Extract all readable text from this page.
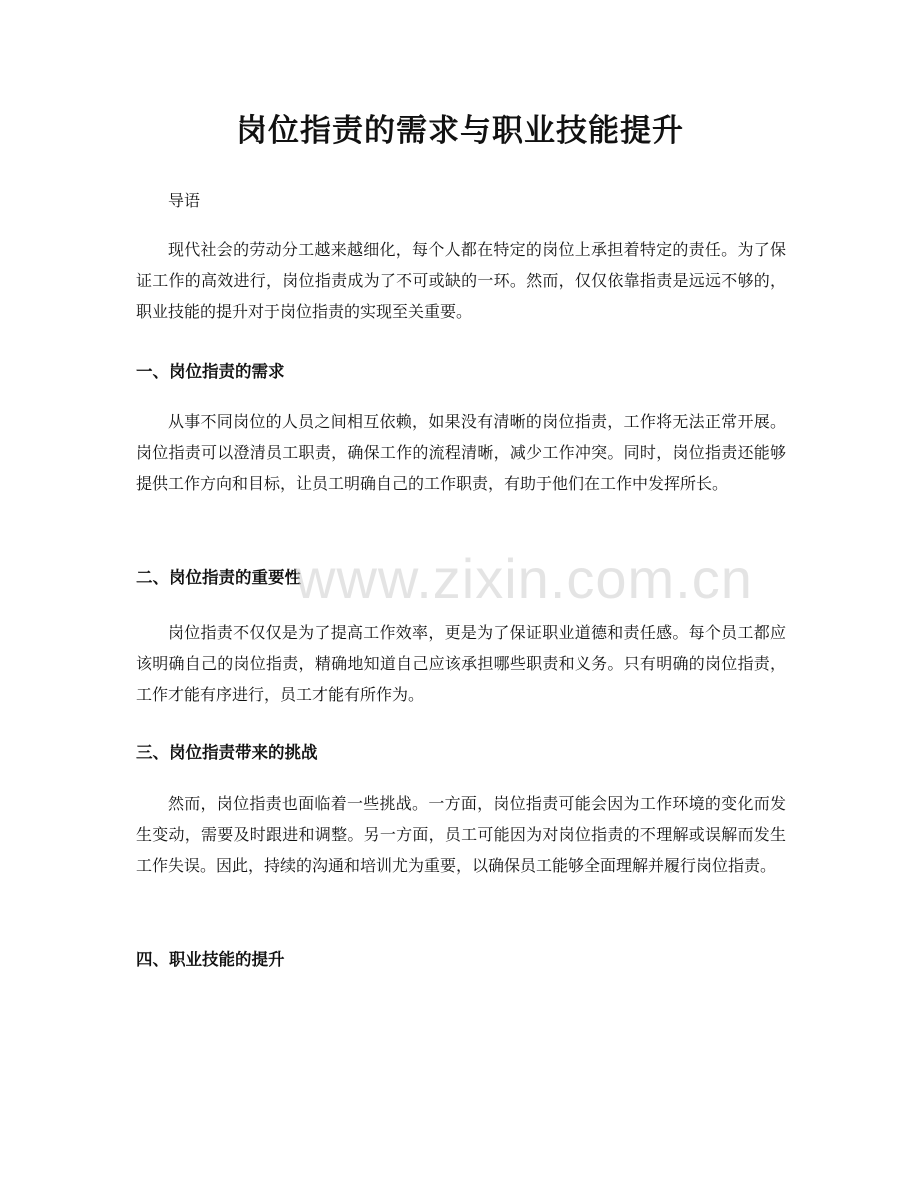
岗位指责的需求与职业技能提升
导语

现代社会的劳动分工越来越细化，每个人都在特定的岗位上承担着特定的责任。为了保证工作的高效进行，岗位指责成为了不可或缺的一环。然而，仅仅依靠指责是远远不够的，职业技能的提升对于岗位指责的实现至关重要。

一、岗位指责的需求

从事不同岗位的人员之间相互依赖，如果没有清晰的岗位指责，工作将无法正常开展。岗位指责可以澄清员工职责，确保工作的流程清晰，减少工作冲突。同时，岗位指责还能够提供工作方向和目标，让员工明确自己的工作职责，有助于他们在工作中发挥所长。

二、岗位指责的重要性

岗位指责不仅仅是为了提高工作效率，更是为了保证职业道德和责任感。每个员工都应该明确自己的岗位指责，精确地知道自己应该承担哪些职责和义务。只有明确的岗位指责，工作才能有序进行，员工才能有所作为。

三、岗位指责带来的挑战

然而，岗位指责也面临着一些挑战。一方面，岗位指责可能会因为工作环境的变化而发生变动，需要及时跟进和调整。另一方面，员工可能因为对岗位指责的不理解或误解而发生工作失误。因此，持续的沟通和培训尤为重要，以确保员工能够全面理解并履行岗位指责。

四、职业技能的提升
www.zixin.com.cn
